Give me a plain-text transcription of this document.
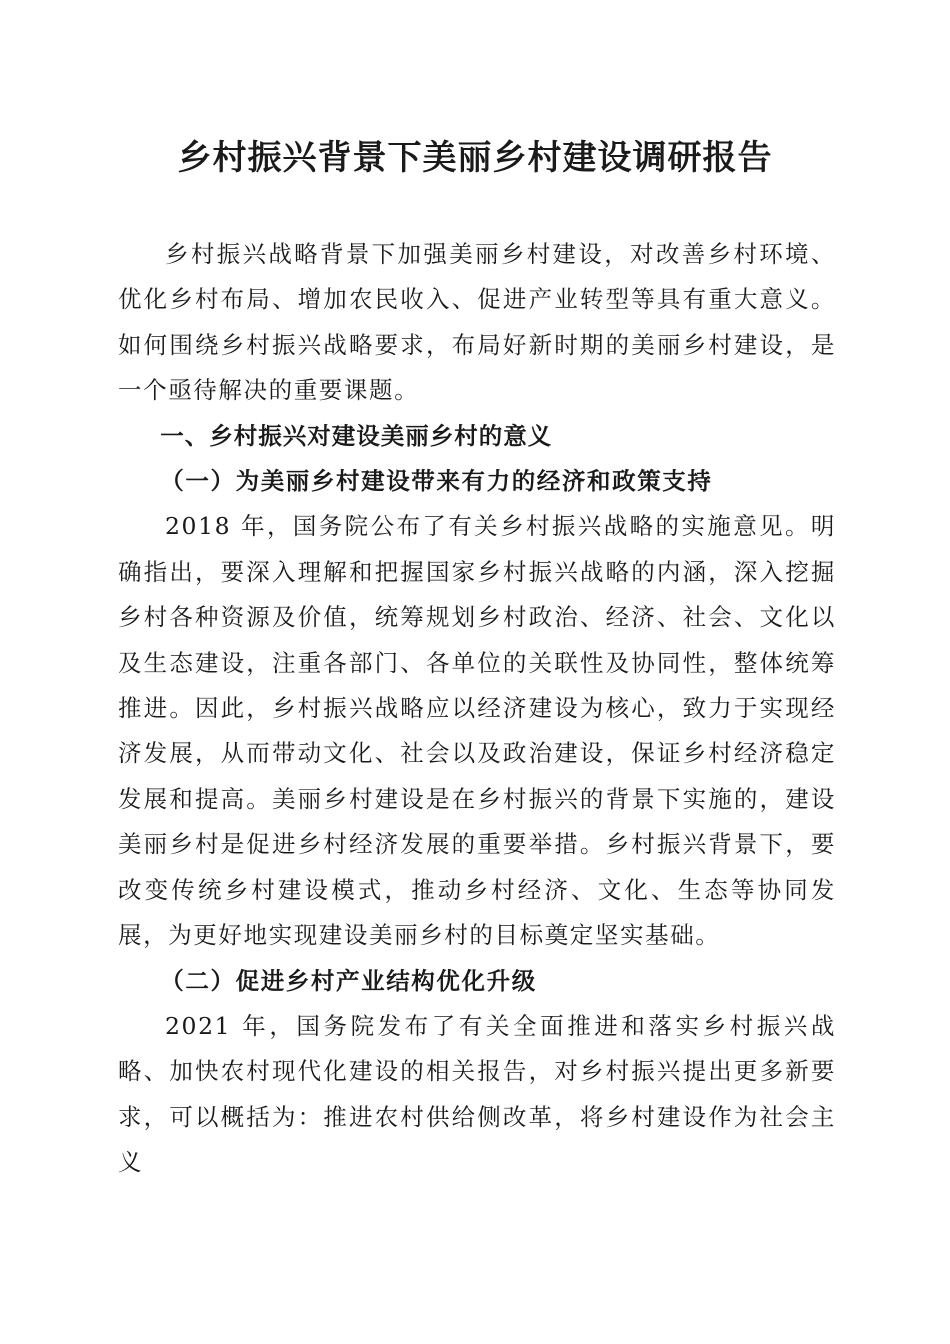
乡村振兴背景下美丽乡村建设调研报告

乡村振兴战略背景下加强美丽乡村建设，对改善乡村环境、优化乡村布局、增加农民收入、促进产业转型等具有重大意义。如何围绕乡村振兴战略要求，布局好新时期的美丽乡村建设，是一个亟待解决的重要课题。

一、乡村振兴对建设美丽乡村的意义

（一）为美丽乡村建设带来有力的经济和政策支持

2018 年，国务院公布了有关乡村振兴战略的实施意见。明确指出，要深入理解和把握国家乡村振兴战略的内涵，深入挖掘乡村各种资源及价值，统筹规划乡村政治、经济、社会、文化以及生态建设，注重各部门、各单位的关联性及协同性，整体统筹推进。因此，乡村振兴战略应以经济建设为核心，致力于实现经济发展，从而带动文化、社会以及政治建设，保证乡村经济稳定发展和提高。美丽乡村建设是在乡村振兴的背景下实施的，建设美丽乡村是促进乡村经济发展的重要举措。乡村振兴背景下，要改变传统乡村建设模式，推动乡村经济、文化、生态等协同发展，为更好地实现建设美丽乡村的目标奠定坚实基础。

（二）促进乡村产业结构优化升级

2021 年，国务院发布了有关全面推进和落实乡村振兴战略、加快农村现代化建设的相关报告，对乡村振兴提出更多新要求，可以概括为：推进农村供给侧改革，将乡村建设作为社会主义
